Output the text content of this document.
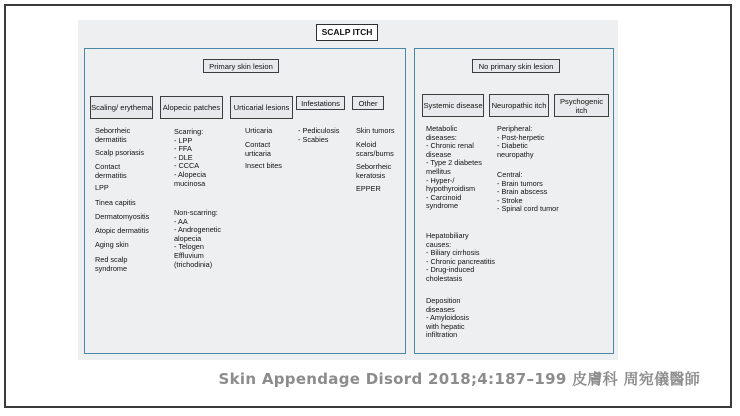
SCALP ITCH
Primary skin lesion
Scaling/ erythema	Alopecic patches	Urticarial lesions	Infestations	Other
Seborrheic
dermatitis
Scalp psoriasis
Contact
dermatitis
LPP
Tinea capitis
Dermatomyositis
Atopic dermatitis
Aging skin
Red scalp
syndrome
Scarring:
- LPP
- FFA
- DLE
- CCCA
- Alopecia
mucinosa
Non-scarring:
- AA
- Androgenetic
alopecia
- Telogen
Effluvium
(trichodinia)
Urticaria
Contact
urticaria
Insect bites
- Pediculosis
- Scabies
Skin tumors
Keloid
scars/burns
Seborrheic
keratosis
EPPER
No primary skin lesion
Systemic disease	Neuropathic itch	Psychogenic itch
Metabolic
diseases:
- Chronic renal
disease
- Type 2 diabetes
mellitus
- Hyper-/
hypothyroidism
- Carcinoid
syndrome
Hepatobiliary
causes:
- Biliary cirrhosis
- Chronic pancreatitis
- Drug-induced
cholestasis
Deposition
diseases
- Amyloidosis
with hepatic
infiltration
Peripheral:
- Post-herpetic
- Diabetic
neuropathy
Central:
- Brain tumors
- Brain abscess
- Stroke
- Spinal cord tumor
Skin Appendage Disord 2018;4:187–199 皮膚科 周宛儀醫師
